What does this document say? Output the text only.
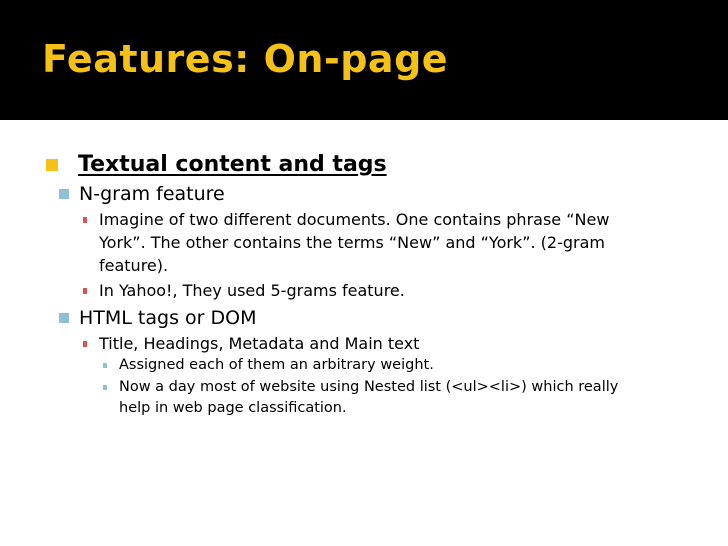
Features: On-page
Textual content and tags
N-gram feature
Imagine of two different documents. One contains phrase “New York”. The other contains the terms “New” and “York”. (2-gram feature).
In Yahoo!, They used 5-grams feature.
HTML tags or DOM
Title, Headings, Metadata and Main text
Assigned each of them an arbitrary weight.
Now a day most of website using Nested list (<ul><li>) which really help in web page classification.
